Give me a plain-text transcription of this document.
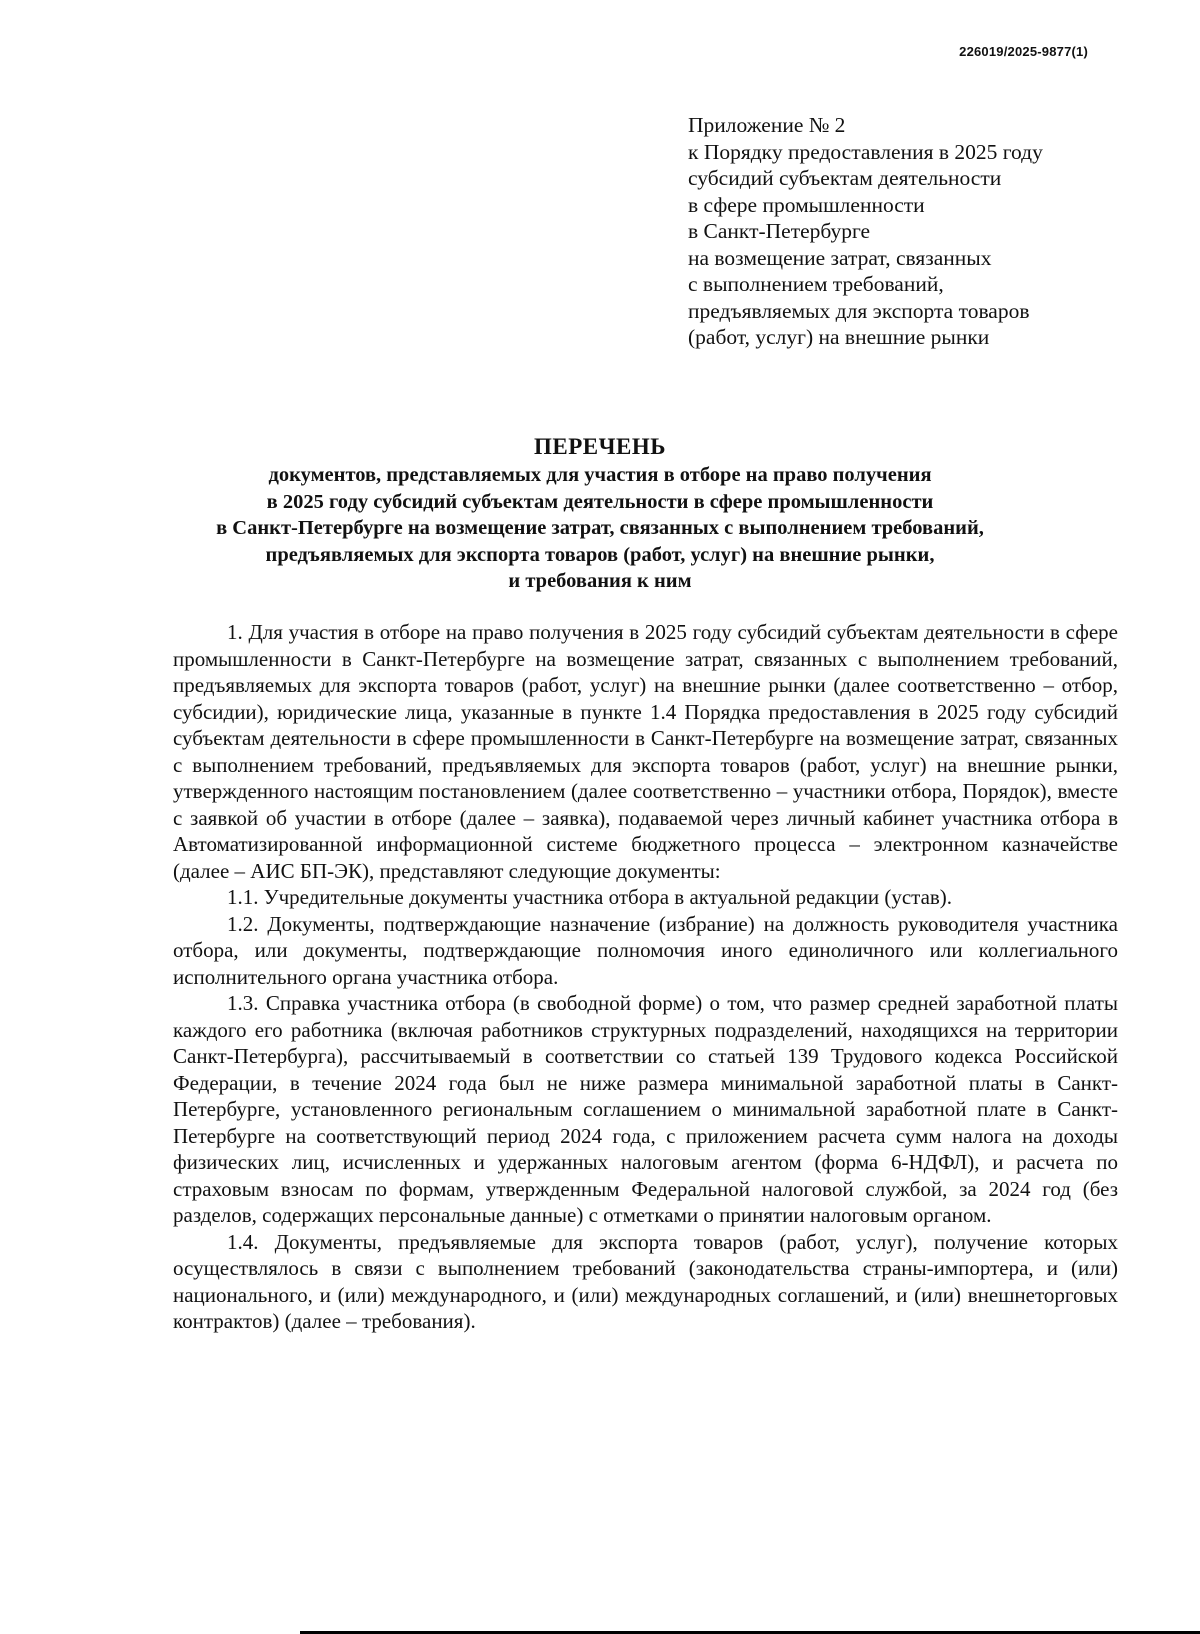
226019/2025-9877(1)
Приложение № 2
к Порядку предоставления в 2025 году
субсидий субъектам деятельности
в сфере промышленности
в Санкт-Петербурге
на возмещение затрат, связанных
с выполнением требований,
предъявляемых для экспорта товаров
(работ, услуг) на внешние рынки
ПЕРЕЧЕНЬ
документов, представляемых для участия в отборе на право получения
в 2025 году субсидий субъектам деятельности в сфере промышленности
в Санкт-Петербурге на возмещение затрат, связанных с выполнением требований,
предъявляемых для экспорта товаров (работ, услуг) на внешние рынки,
и требования к ним

1. Для участия в отборе на право получения в 2025 году субсидий субъектам деятельности в сфере промышленности в Санкт-Петербурге на возмещение затрат, связанных с выполнением требований, предъявляемых для экспорта товаров (работ, услуг) на внешние рынки (далее соответственно – отбор, субсидии), юридические лица, указанные в пункте 1.4 Порядка предоставления в 2025 году субсидий субъектам деятельности в сфере промышленности в Санкт-Петербурге на возмещение затрат, связанных с выполнением требований, предъявляемых для экспорта товаров (работ, услуг) на внешние рынки, утвержденного настоящим постановлением (далее соответственно – участники отбора, Порядок), вместе с заявкой об участии в отборе (далее – заявка), подаваемой через личный кабинет участника отбора в Автоматизированной информационной системе бюджетного процесса – электронном казначействе (далее – АИС БП-ЭК), представляют следующие документы:

1.1. Учредительные документы участника отбора в актуальной редакции (устав).

1.2. Документы, подтверждающие назначение (избрание) на должность руководителя участника отбора, или документы, подтверждающие полномочия иного единоличного или коллегиального исполнительного органа участника отбора.

1.3. Справка участника отбора (в свободной форме) о том, что размер средней заработной платы каждого его работника (включая работников структурных подразделений, находящихся на территории Санкт-Петербурга), рассчитываемый в соответствии со статьей 139 Трудового кодекса Российской Федерации, в течение 2024 года был не ниже размера минимальной заработной платы в Санкт-Петербурге, установленного региональным соглашением о минимальной заработной плате в Санкт-Петербурге на соответствующий период 2024 года, с приложением расчета сумм налога на доходы физических лиц, исчисленных и удержанных налоговым агентом (форма 6-НДФЛ), и расчета по страховым взносам по формам, утвержденным Федеральной налоговой службой, за 2024 год (без разделов, содержащих персональные данные) с отметками о принятии налоговым органом.

1.4. Документы, предъявляемые для экспорта товаров (работ, услуг), получение которых осуществлялось в связи с выполнением требований (законодательства страны-импортера, и (или) национального, и (или) международного, и (или) международных соглашений, и (или) внешнеторговых контрактов) (далее – требования).
